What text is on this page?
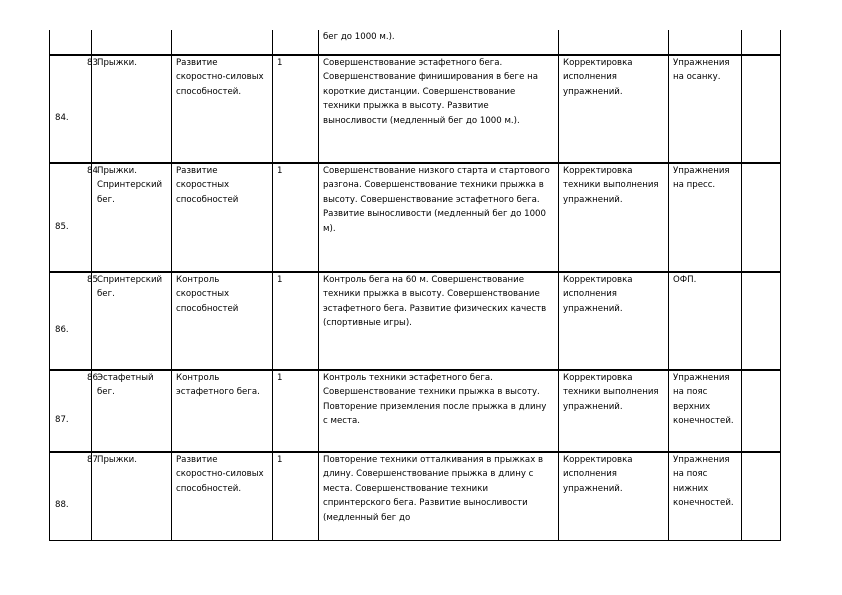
				бег до 1000 м.).			

84.	83 Прыжки.	Развитие скоростно-силовых способностей.	1	Совершенствование эстафетного бега. Совершенствование финиширования в беге на короткие дистанции. Совершенствование техники прыжка в высоту. Развитие выносливости (медленный бег до 1000 м.).	Корректировка исполнения упражнений.	Упражнения на осанку.	

85.	84 Прыжки. Спринтерский бег.	Развитие скоростных способностей	1	Совершенствование низкого старта и стартового разгона. Совершенствование техники прыжка в высоту. Совершенствование эстафетного бега. Развитие выносливости (медленный бег до 1000 м).	Корректировка техники выполнения упражнений.	Упражнения на пресс.	

86.	85 Спринтерский бег.	Контроль скоростных способностей	1	Контроль бега на 60 м. Совершенствование техники прыжка в высоту. Совершенствование эстафетного бега. Развитие физических качеств (спортивные игры).	Корректировка исполнения упражнений.	ОФП.	

87.	86 Эстафетный бег.	Контроль эстафетного бега.	1	Контроль техники эстафетного бега. Совершенствование техники прыжка в высоту. Повторение приземления после прыжка в длину с места.	Корректировка техники выполнения упражнений.	Упражнения на пояс верхних конечностей.	

88.	87 Прыжки.	Развитие скоростно-силовых способностей.	1	Повторение техники отталкивания в прыжках в длину. Совершенствование прыжка в длину с места. Совершенствование техники спринтерского бега. Развитие выносливости (медленный бег до	Корректировка исполнения упражнений.	Упражнения на пояс нижних конечностей.	
